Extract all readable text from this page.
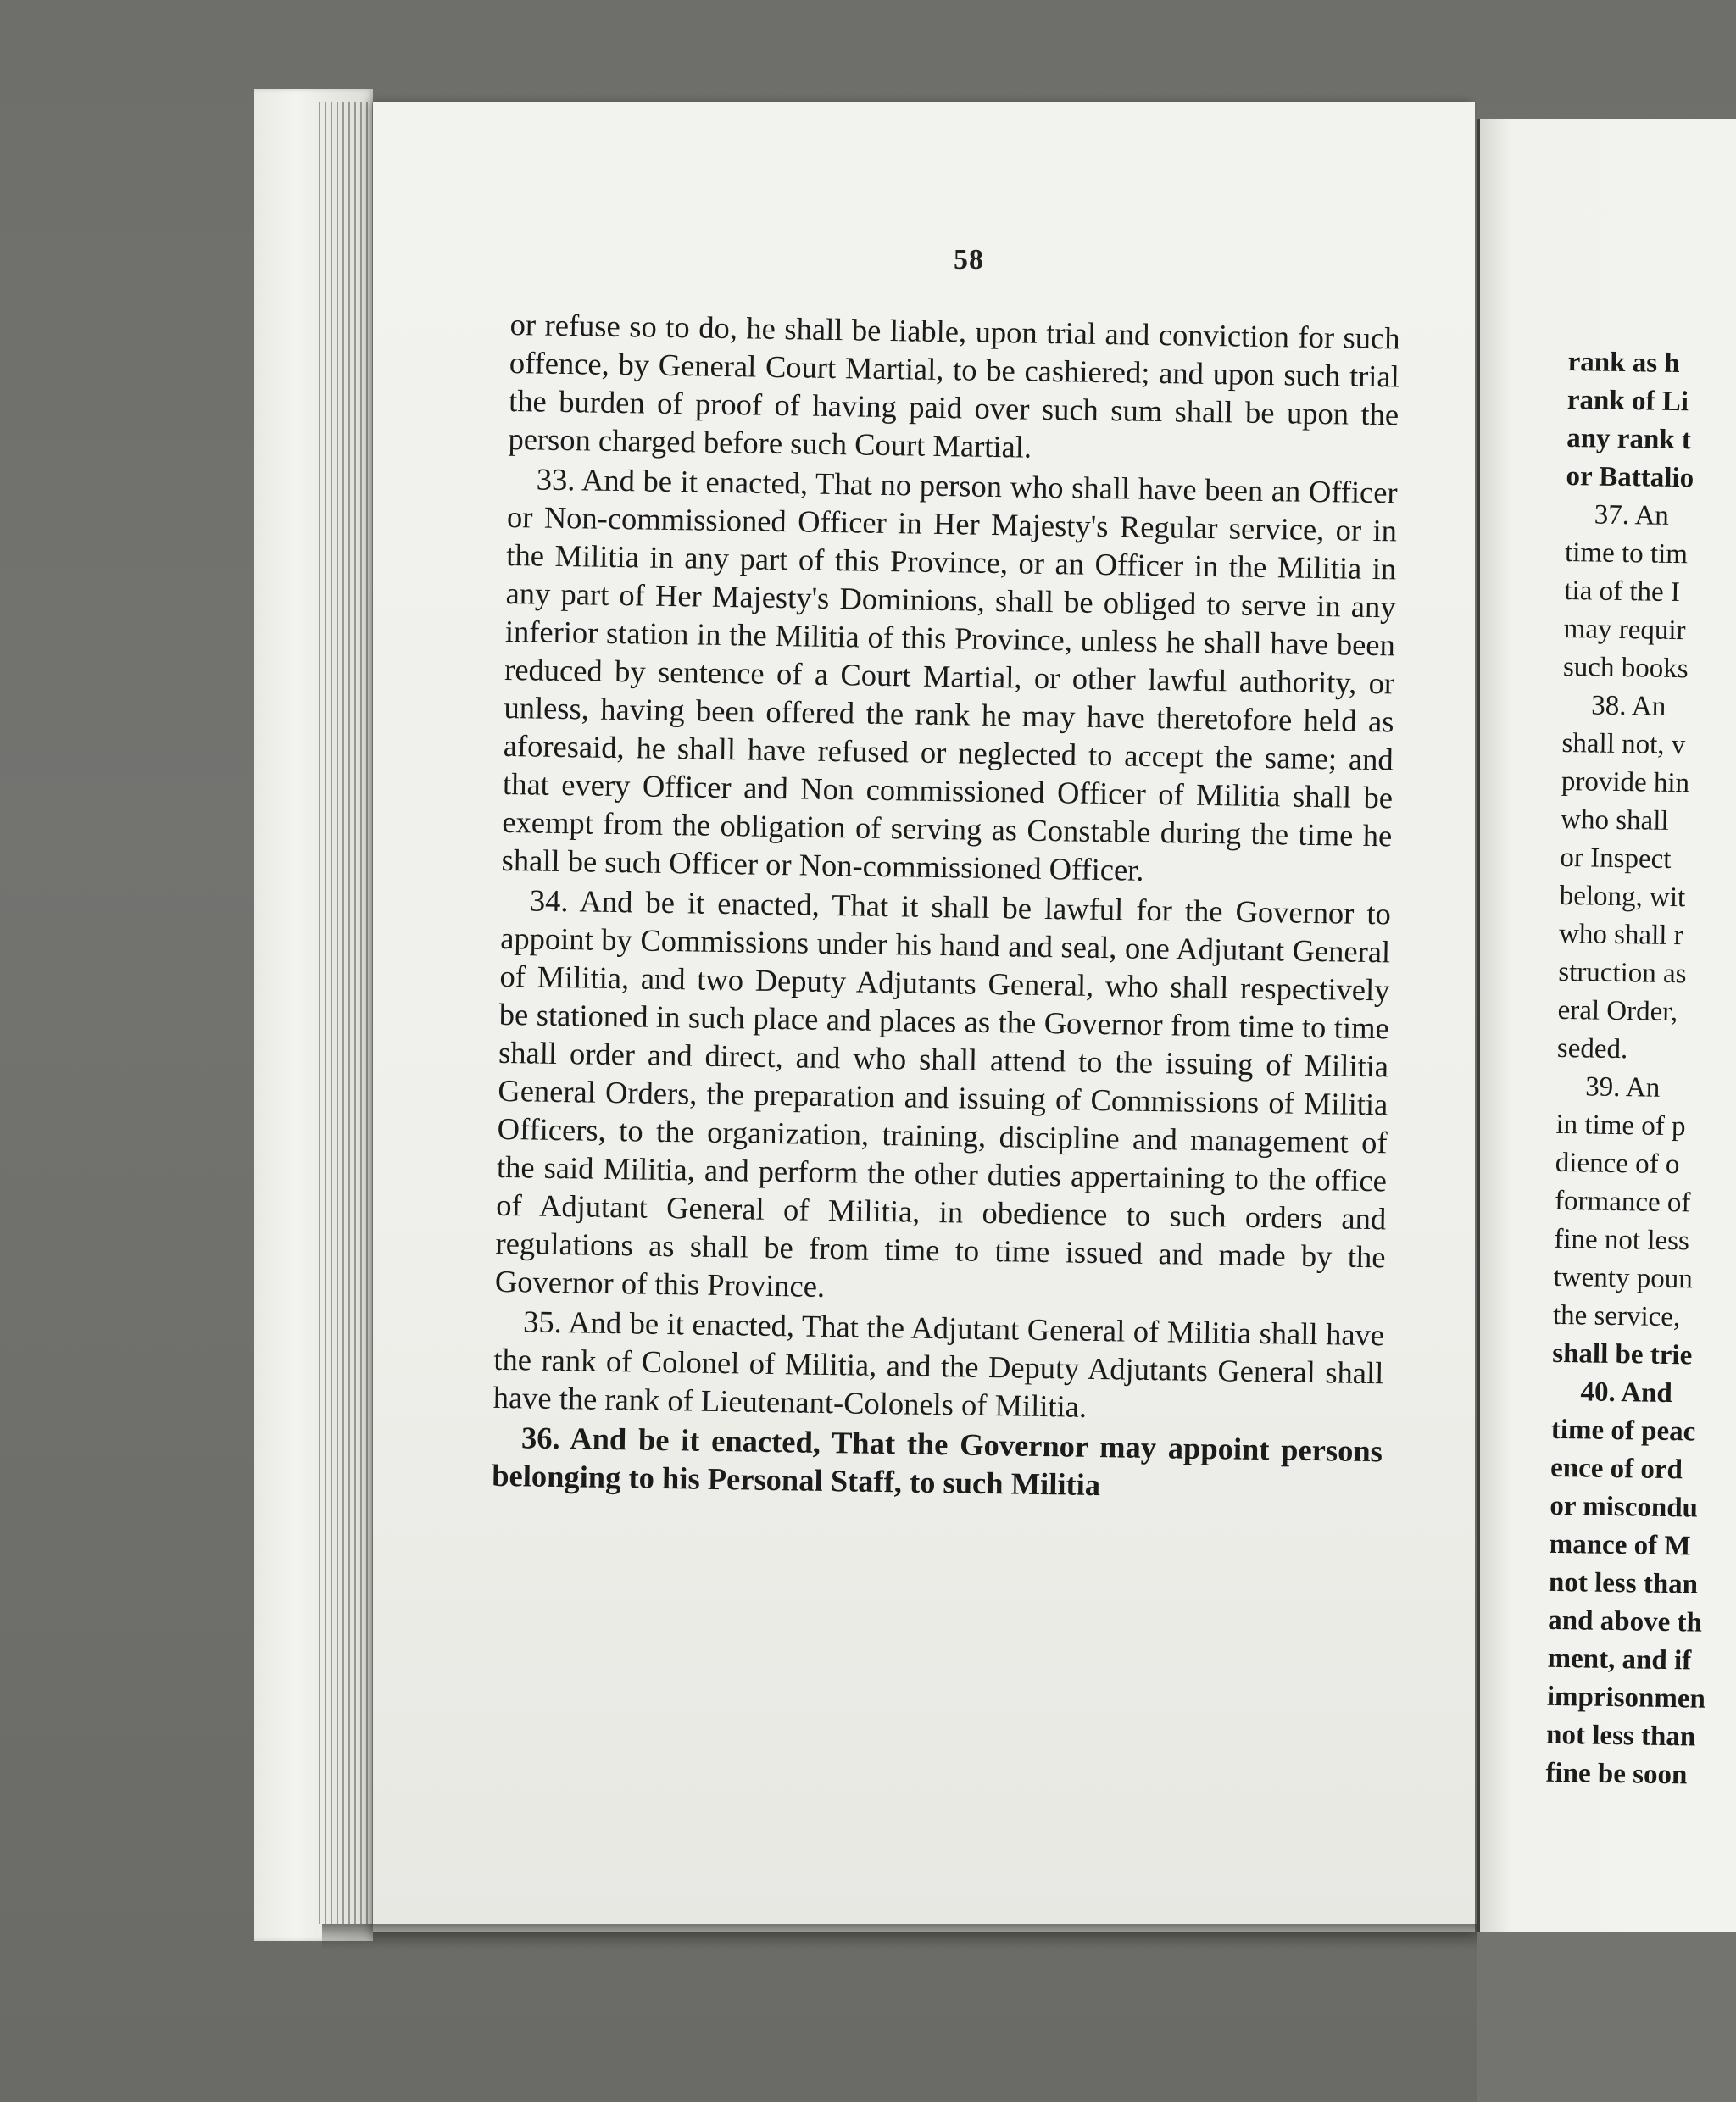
58

or refuse so to do, he shall be liable, upon trial and conviction for such offence, by General Court Martial, to be cashiered; and upon such trial the burden of proof of having paid over such sum shall be upon the person charged before such Court Martial.

33. And be it enacted, That no person who shall have been an Officer or Non-commissioned Officer in Her Majesty's Regular service, or in the Militia in any part of this Province, or an Officer in the Militia in any part of Her Majesty's Dominions, shall be obliged to serve in any inferior station in the Militia of this Province, unless he shall have been reduced by sentence of a Court Martial, or other lawful authority, or unless, having been offered the rank he may have theretofore held as aforesaid, he shall have refused or neglected to accept the same; and that every Officer and Non commissioned Officer of Militia shall be exempt from the obligation of serving as Constable during the time he shall be such Officer or Non-commissioned Officer.

34. And be it enacted, That it shall be lawful for the Governor to appoint by Commissions under his hand and seal, one Adjutant General of Militia, and two Deputy Adjutants General, who shall respectively be stationed in such place and places as the Governor from time to time shall order and direct, and who shall attend to the issuing of Militia General Orders, the preparation and issuing of Commissions of Militia Officers, to the organization, training, discipline and management of the said Militia, and perform the other duties appertaining to the office of Adjutant General of Militia, in obedience to such orders and regulations as shall be from time to time issued and made by the Governor of this Province.

35. And be it enacted, That the Adjutant General of Militia shall have the rank of Colonel of Militia, and the Deputy Adjutants General shall have the rank of Lieutenant-Colonels of Militia.

36. And be it enacted, That the Governor may appoint persons belonging to his Personal Staff, to such Militia

rank as h
rank of Li
any rank t
or Battalio
37. An
time to tim
tia of the I
may requir
such books
38. An
shall not, v
provide hin
who shall
or Inspect
belong, wit
who shall r
struction as
eral Order,
seded.
39. An
in time of p
dience of o
formance of
fine not less
twenty poun
the service,
shall be trie
40. And
time of peac
ence of ord
or miscondu
mance of M
not less than
and above th
ment, and if
imprisonmen
not less than
fine be soon
